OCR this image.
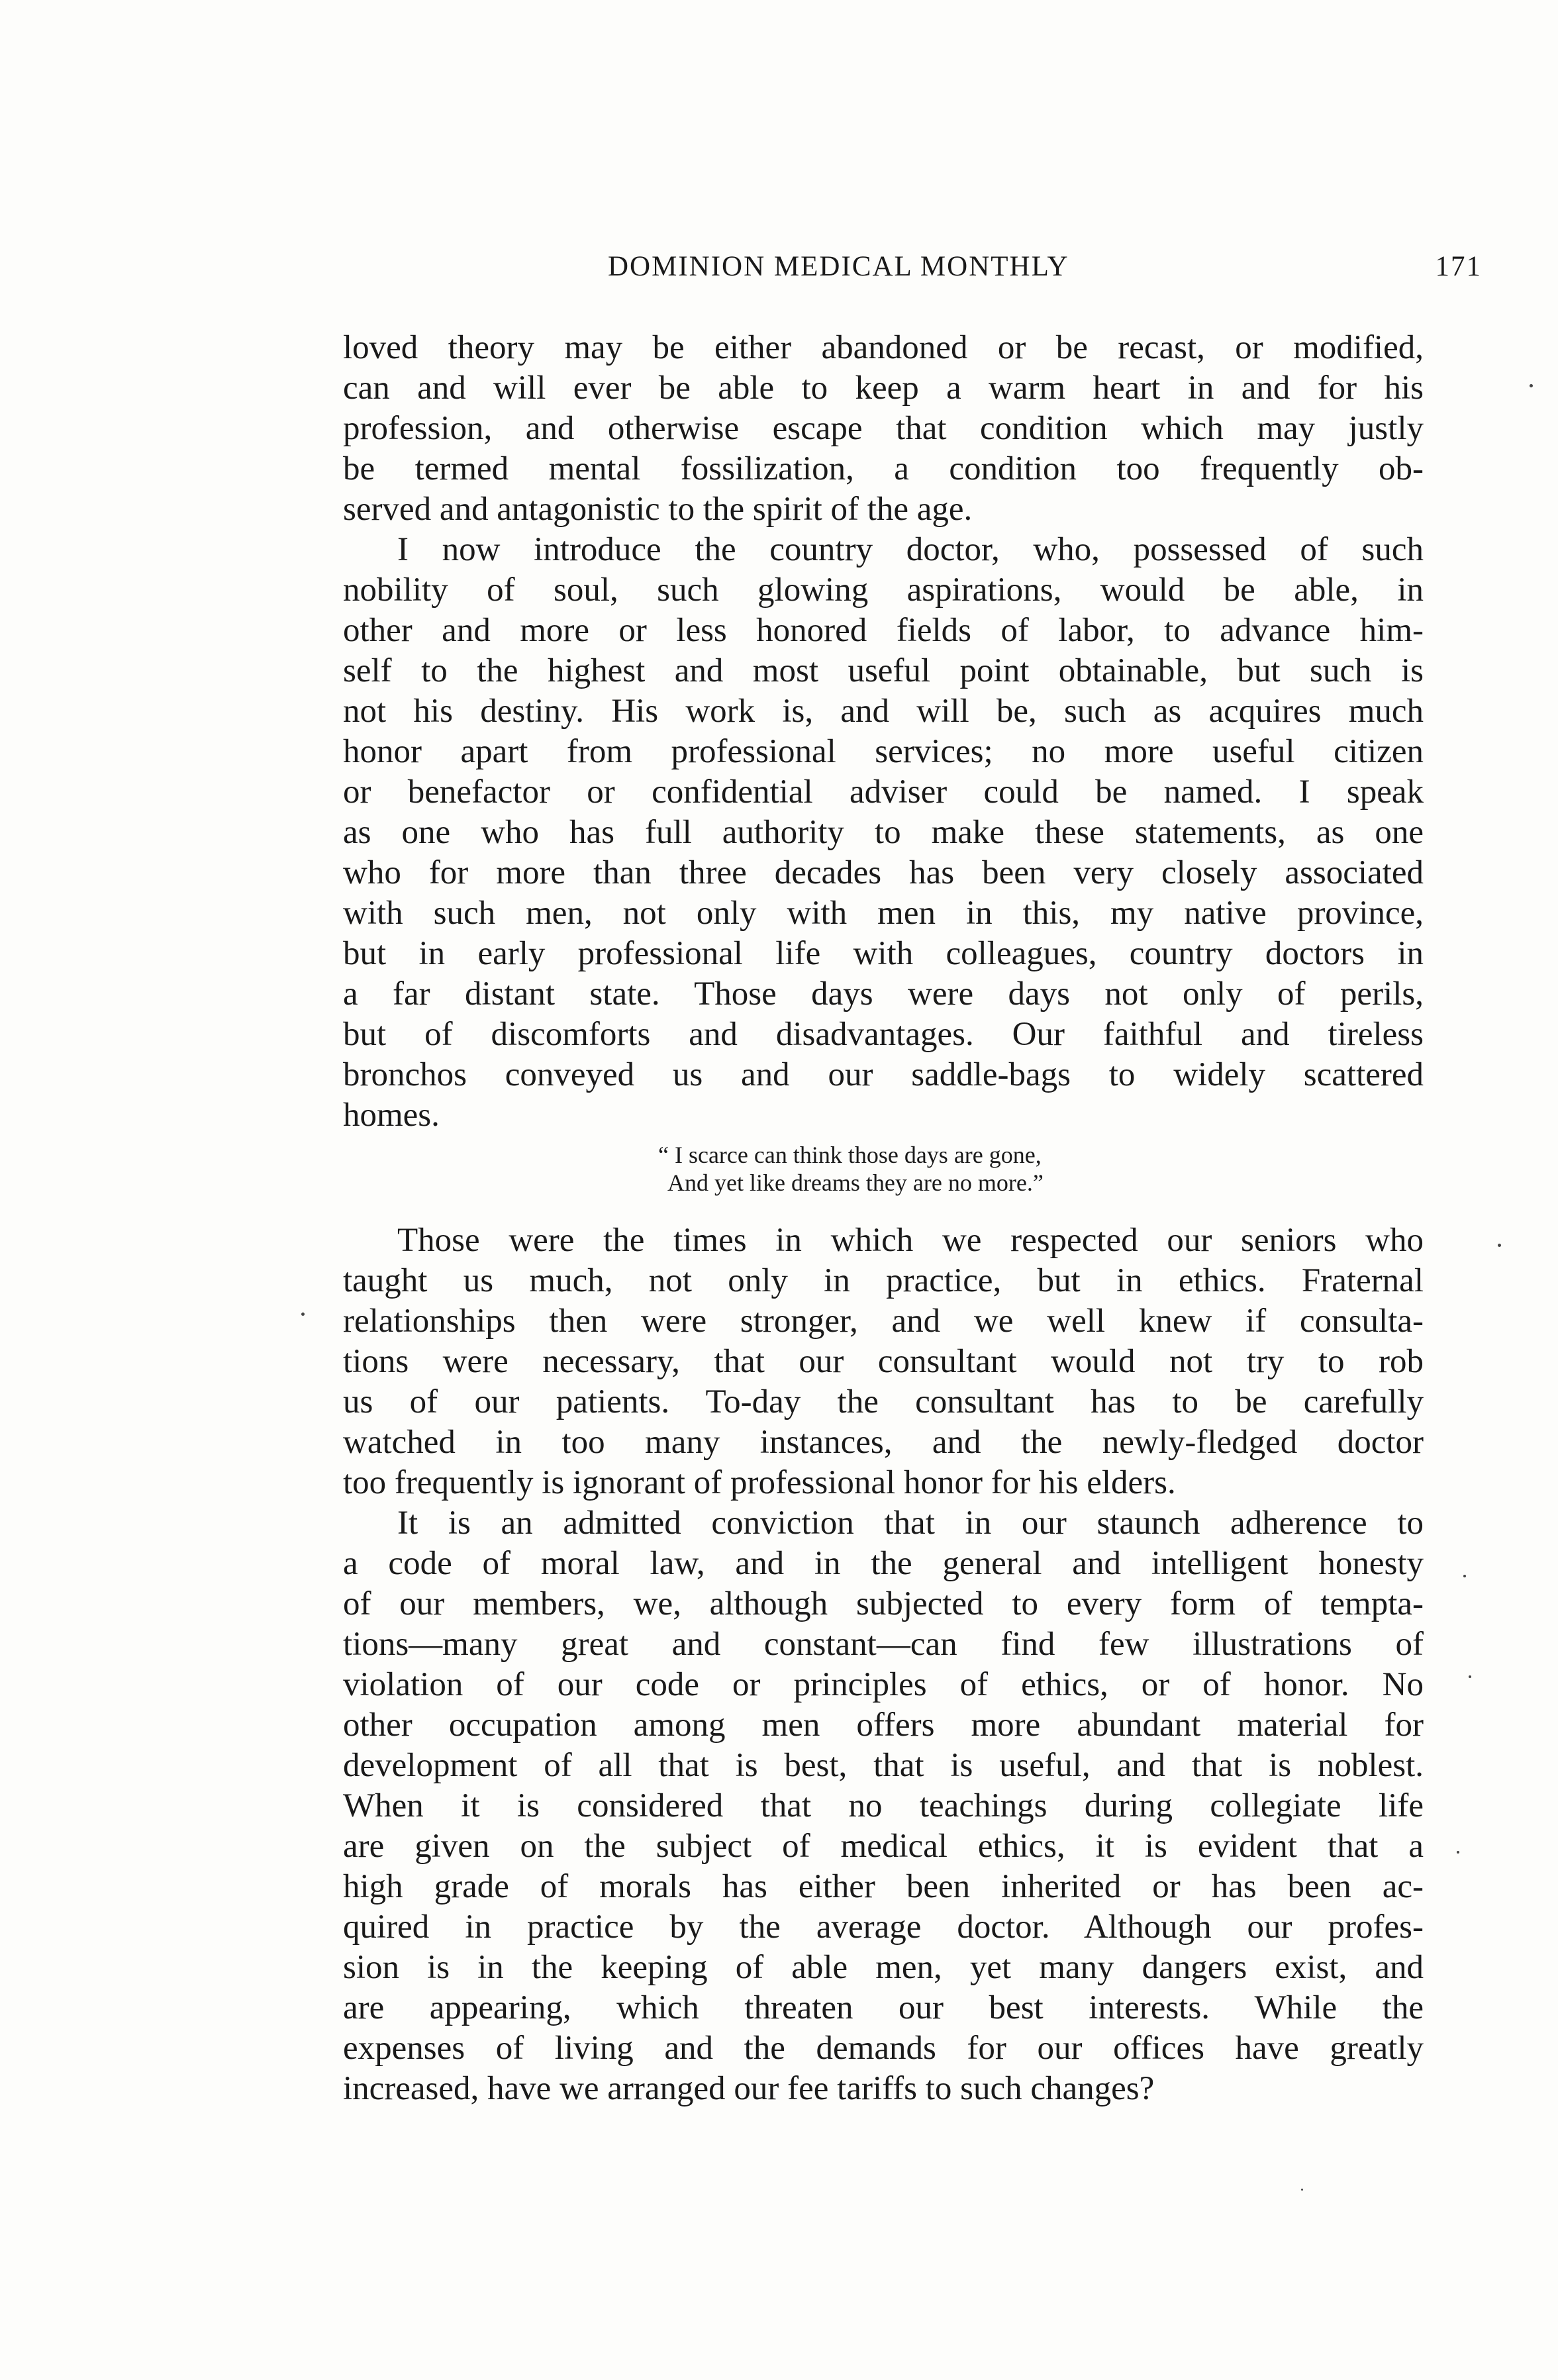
DOMINION MEDICAL MONTHLY	171
loved theory may be either abandoned or be recast, or modified,
can and will ever be able to keep a warm heart in and for his
profession, and otherwise escape that condition which may justly
be termed mental fossilization, a condition too frequently ob-
served and antagonistic to the spirit of the age.
I now introduce the country doctor, who, possessed of such
nobility of soul, such glowing aspirations, would be able, in
other and more or less honored fields of labor, to advance him-
self to the highest and most useful point obtainable, but such is
not his destiny. His work is, and will be, such as acquires much
honor apart from professional services; no more useful citizen
or benefactor or confidential adviser could be named. I speak
as one who has full authority to make these statements, as one
who for more than three decades has been very closely associated
with such men, not only with men in this, my native province,
but in early professional life with colleagues, country doctors in
a far distant state. Those days were days not only of perils,
but of discomforts and disadvantages. Our faithful and tireless
bronchos conveyed us and our saddle-bags to widely scattered
homes.
“ I scarce can think those days are gone,
And yet like dreams they are no more.”
Those were the times in which we respected our seniors who
taught us much, not only in practice, but in ethics. Fraternal
relationships then were stronger, and we well knew if consulta-
tions were necessary, that our consultant would not try to rob
us of our patients. To-day the consultant has to be carefully
watched in too many instances, and the newly-fledged doctor
too frequently is ignorant of professional honor for his elders.
It is an admitted conviction that in our staunch adherence to
a code of moral law, and in the general and intelligent honesty
of our members, we, although subjected to every form of tempta-
tions—many great and constant—can find few illustrations of
violation of our code or principles of ethics, or of honor. No
other occupation among men offers more abundant material for
development of all that is best, that is useful, and that is noblest.
When it is considered that no teachings during collegiate life
are given on the subject of medical ethics, it is evident that a
high grade of morals has either been inherited or has been ac-
quired in practice by the average doctor. Although our profes-
sion is in the keeping of able men, yet many dangers exist, and
are appearing, which threaten our best interests. While the
expenses of living and the demands for our offices have greatly
increased, have we arranged our fee tariffs to such changes?
